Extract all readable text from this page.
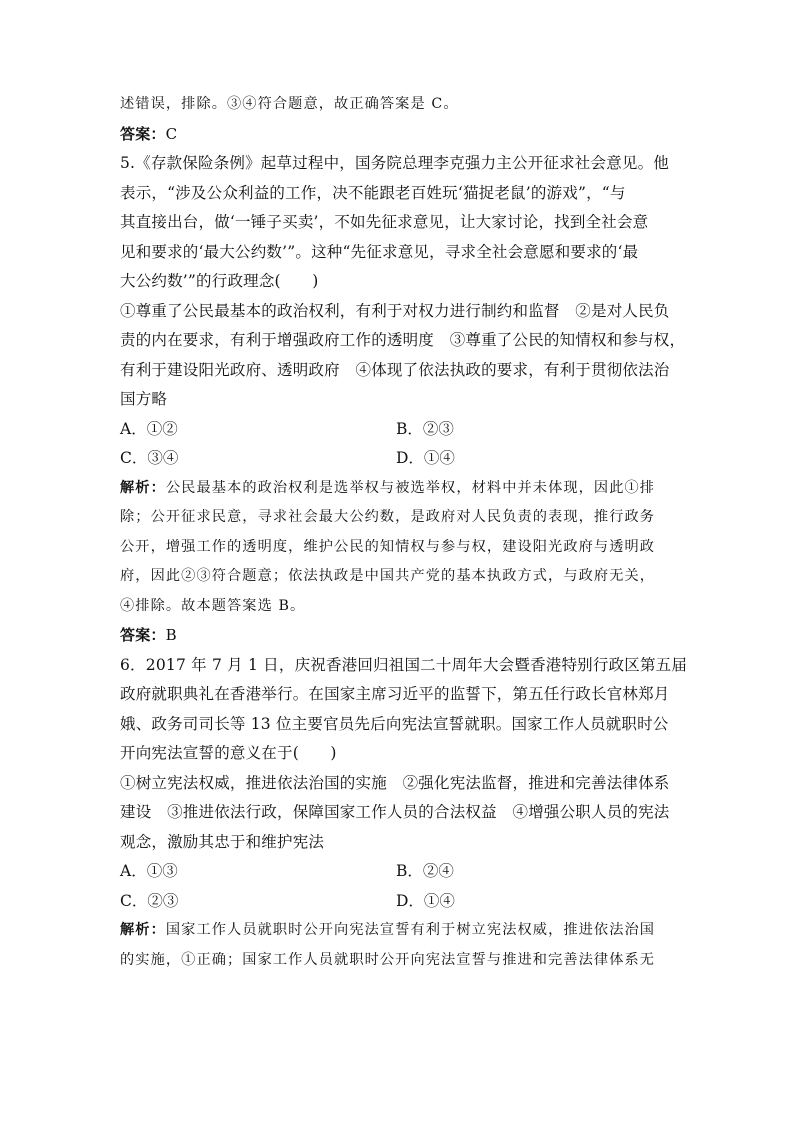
述错误，排除。③④符合题意，故正确答案是 C。
答案：C
5.《存款保险条例》起草过程中，国务院总理李克强力主公开征求社会意见。他
表示，“涉及公众利益的工作，决不能跟老百姓玩‘猫捉老鼠’的游戏”，“与
其直接出台，做‘一锤子买卖’，不如先征求意见，让大家讨论，找到全社会意
见和要求的‘最大公约数’”。这种“先征求意见，寻求全社会意愿和要求的‘最
大公约数’”的行政理念(　　)
①尊重了公民最基本的政治权利，有利于对权力进行制约和监督　②是对人民负
责的内在要求，有利于增强政府工作的透明度　③尊重了公民的知情权和参与权，
有利于建设阳光政府、透明政府　④体现了依法执政的要求，有利于贯彻依法治
国方略
A．①②	B．②③
C．③④	D．①④
解析：公民最基本的政治权利是选举权与被选举权，材料中并未体现，因此①排
除；公开征求民意，寻求社会最大公约数，是政府对人民负责的表现，推行政务
公开，增强工作的透明度，维护公民的知情权与参与权，建设阳光政府与透明政
府，因此②③符合题意；依法执政是中国共产党的基本执政方式，与政府无关，
④排除。故本题答案选 B。
答案：B
6．2017 年 7 月 1 日，庆祝香港回归祖国二十周年大会暨香港特别行政区第五届
政府就职典礼在香港举行。在国家主席习近平的监誓下，第五任行政长官林郑月
娥、政务司司长等 13 位主要官员先后向宪法宣誓就职。国家工作人员就职时公
开向宪法宣誓的意义在于(　　)
①树立宪法权威，推进依法治国的实施　②强化宪法监督，推进和完善法律体系
建设　③推进依法行政，保障国家工作人员的合法权益　④增强公职人员的宪法
观念，激励其忠于和维护宪法
A．①③	B．②④
C．②③	D．①④
解析：国家工作人员就职时公开向宪法宣誓有利于树立宪法权威，推进依法治国
的实施，①正确；国家工作人员就职时公开向宪法宣誓与推进和完善法律体系无
